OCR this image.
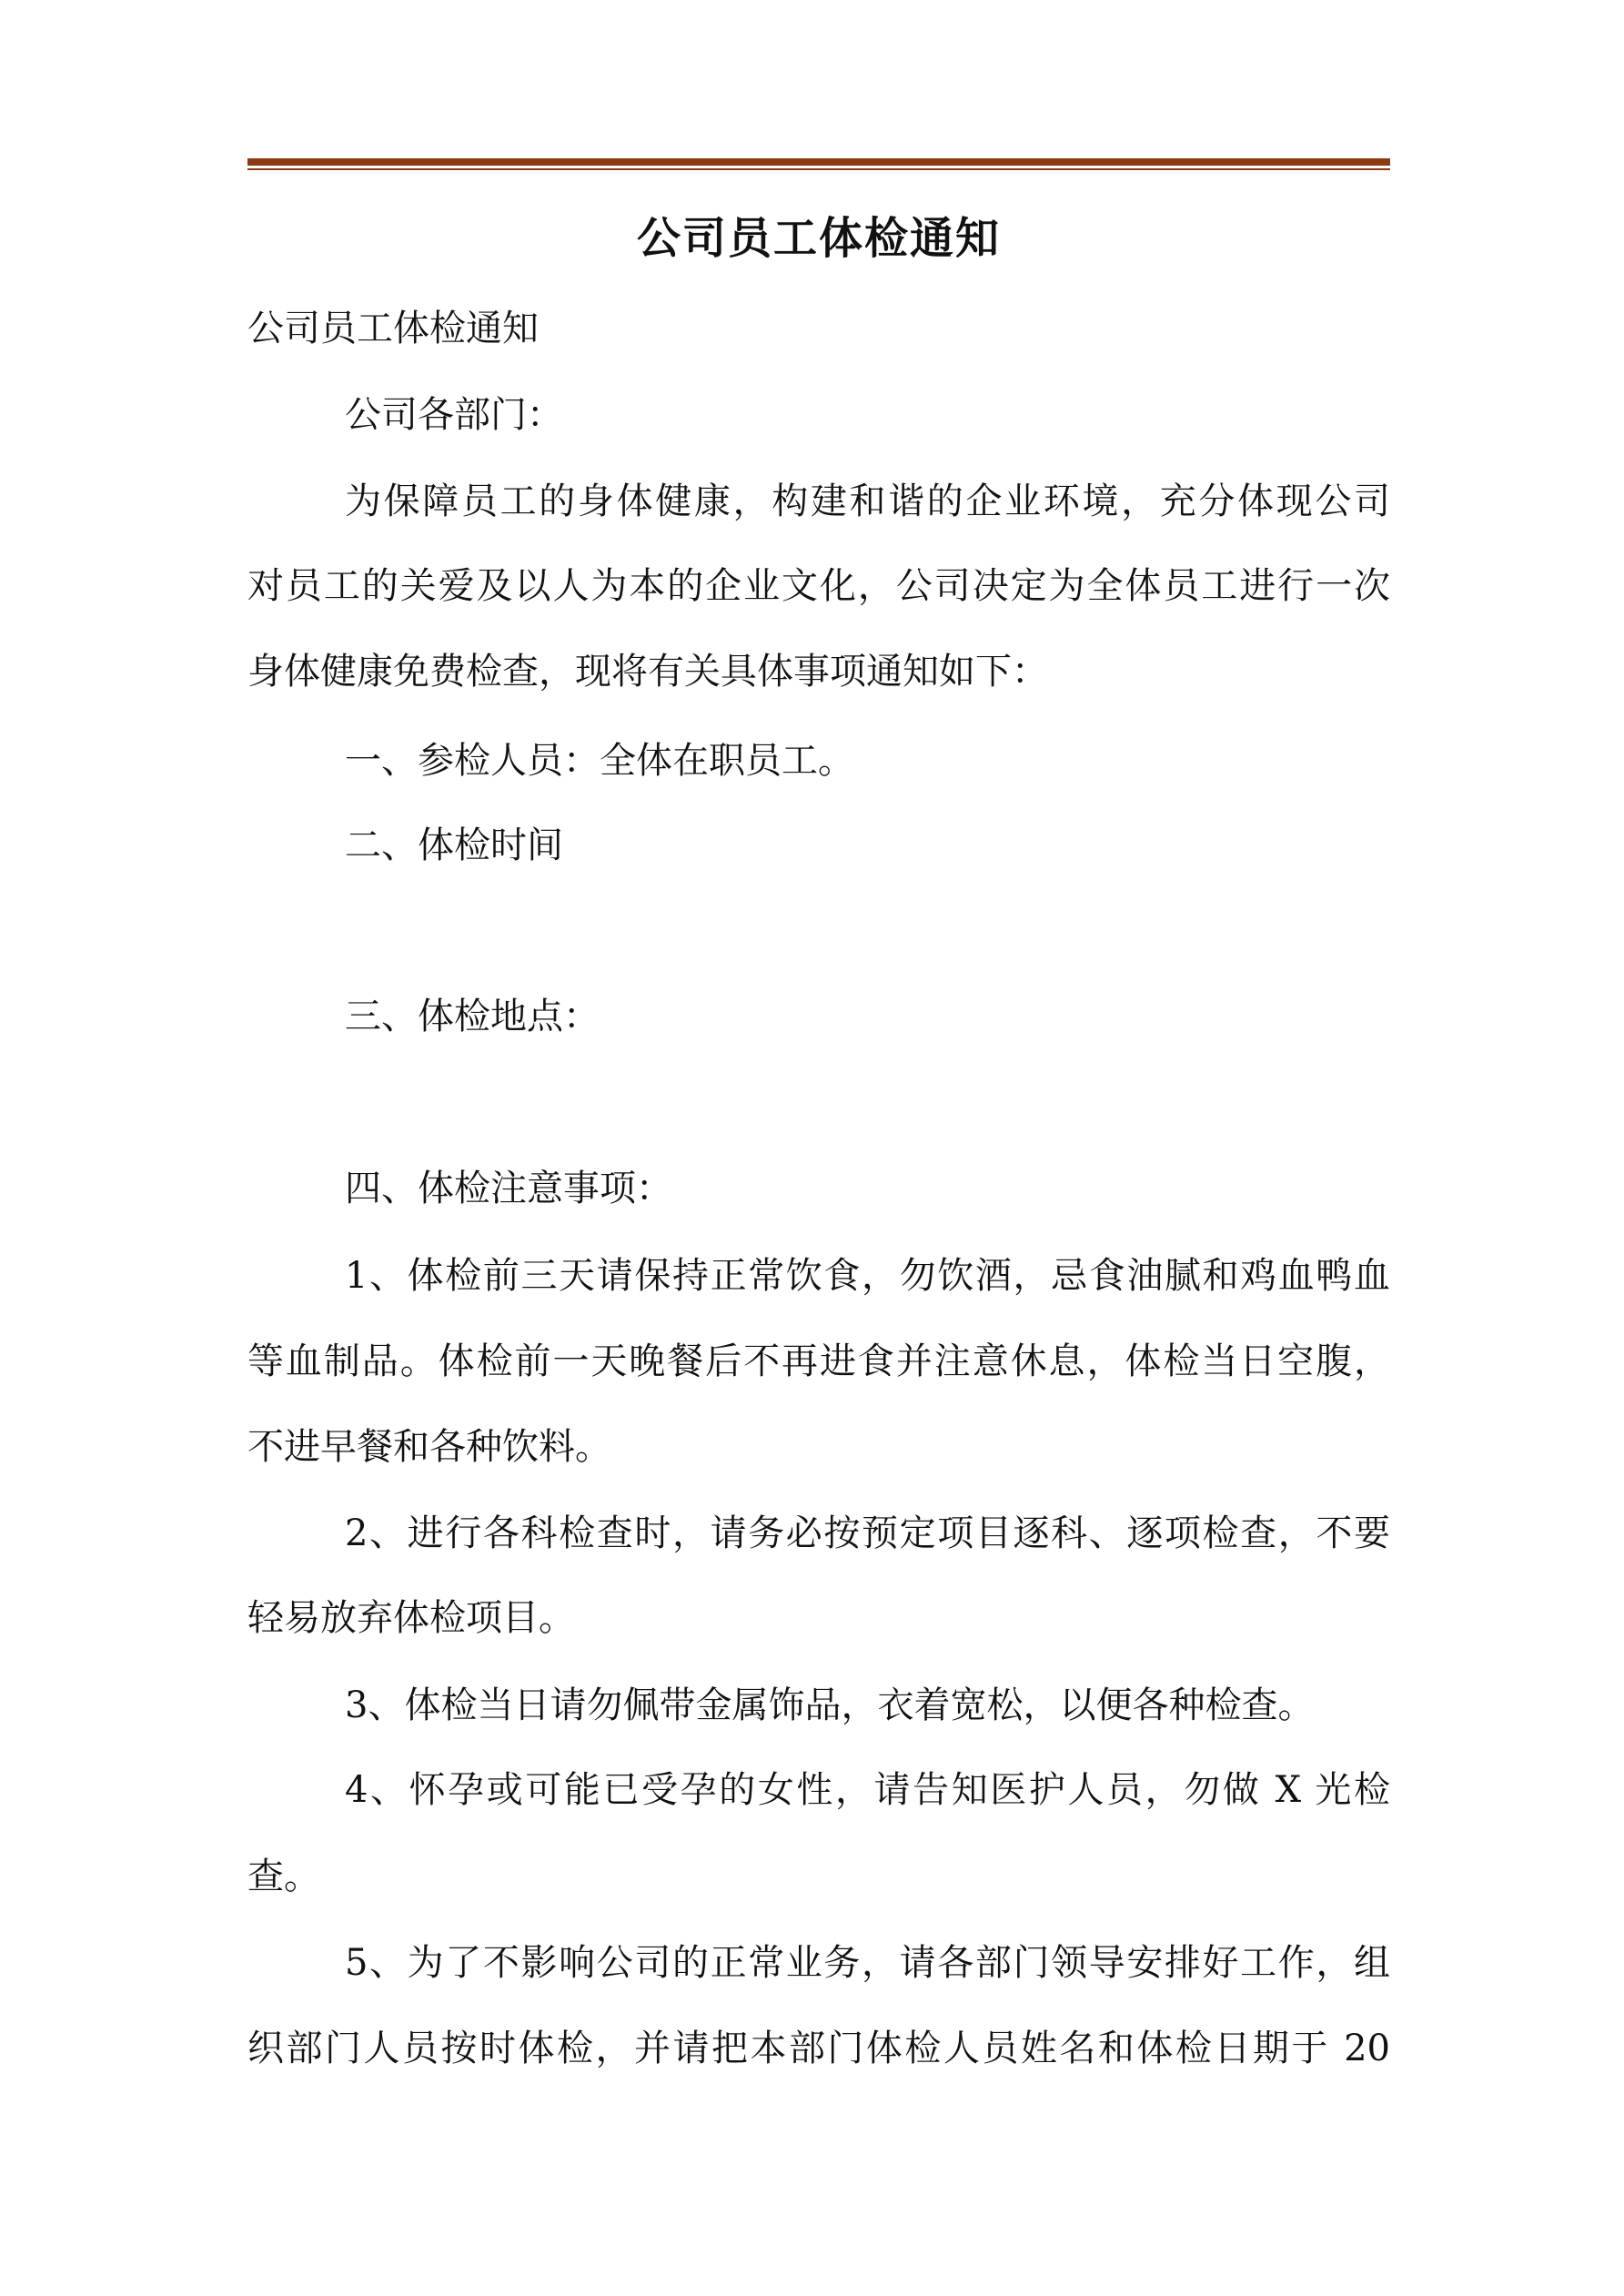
公司员工体检通知
公司员工体检通知
公司各部门：
为保障员工的身体健康，构建和谐的企业环境，充分体现公司
对员工的关爱及以人为本的企业文化，公司决定为全体员工进行一次
身体健康免费检查，现将有关具体事项通知如下：
一、参检人员：全体在职员工。
二、体检时间
三、体检地点：
四、体检注意事项：
1、体检前三天请保持正常饮食，勿饮酒，忌食油腻和鸡血鸭血
等血制品。体检前一天晚餐后不再进食并注意休息，体检当日空腹，
不进早餐和各种饮料。
2、进行各科检查时，请务必按预定项目逐科、逐项检查，不要
轻易放弃体检项目。
3、体检当日请勿佩带金属饰品，衣着宽松，以便各种检查。
4、怀孕或可能已受孕的女性，请告知医护人员，勿做 X 光检
查。
5、为了不影响公司的正常业务，请各部门领导安排好工作，组
织部门人员按时体检，并请把本部门体检人员姓名和体检日期于 20
